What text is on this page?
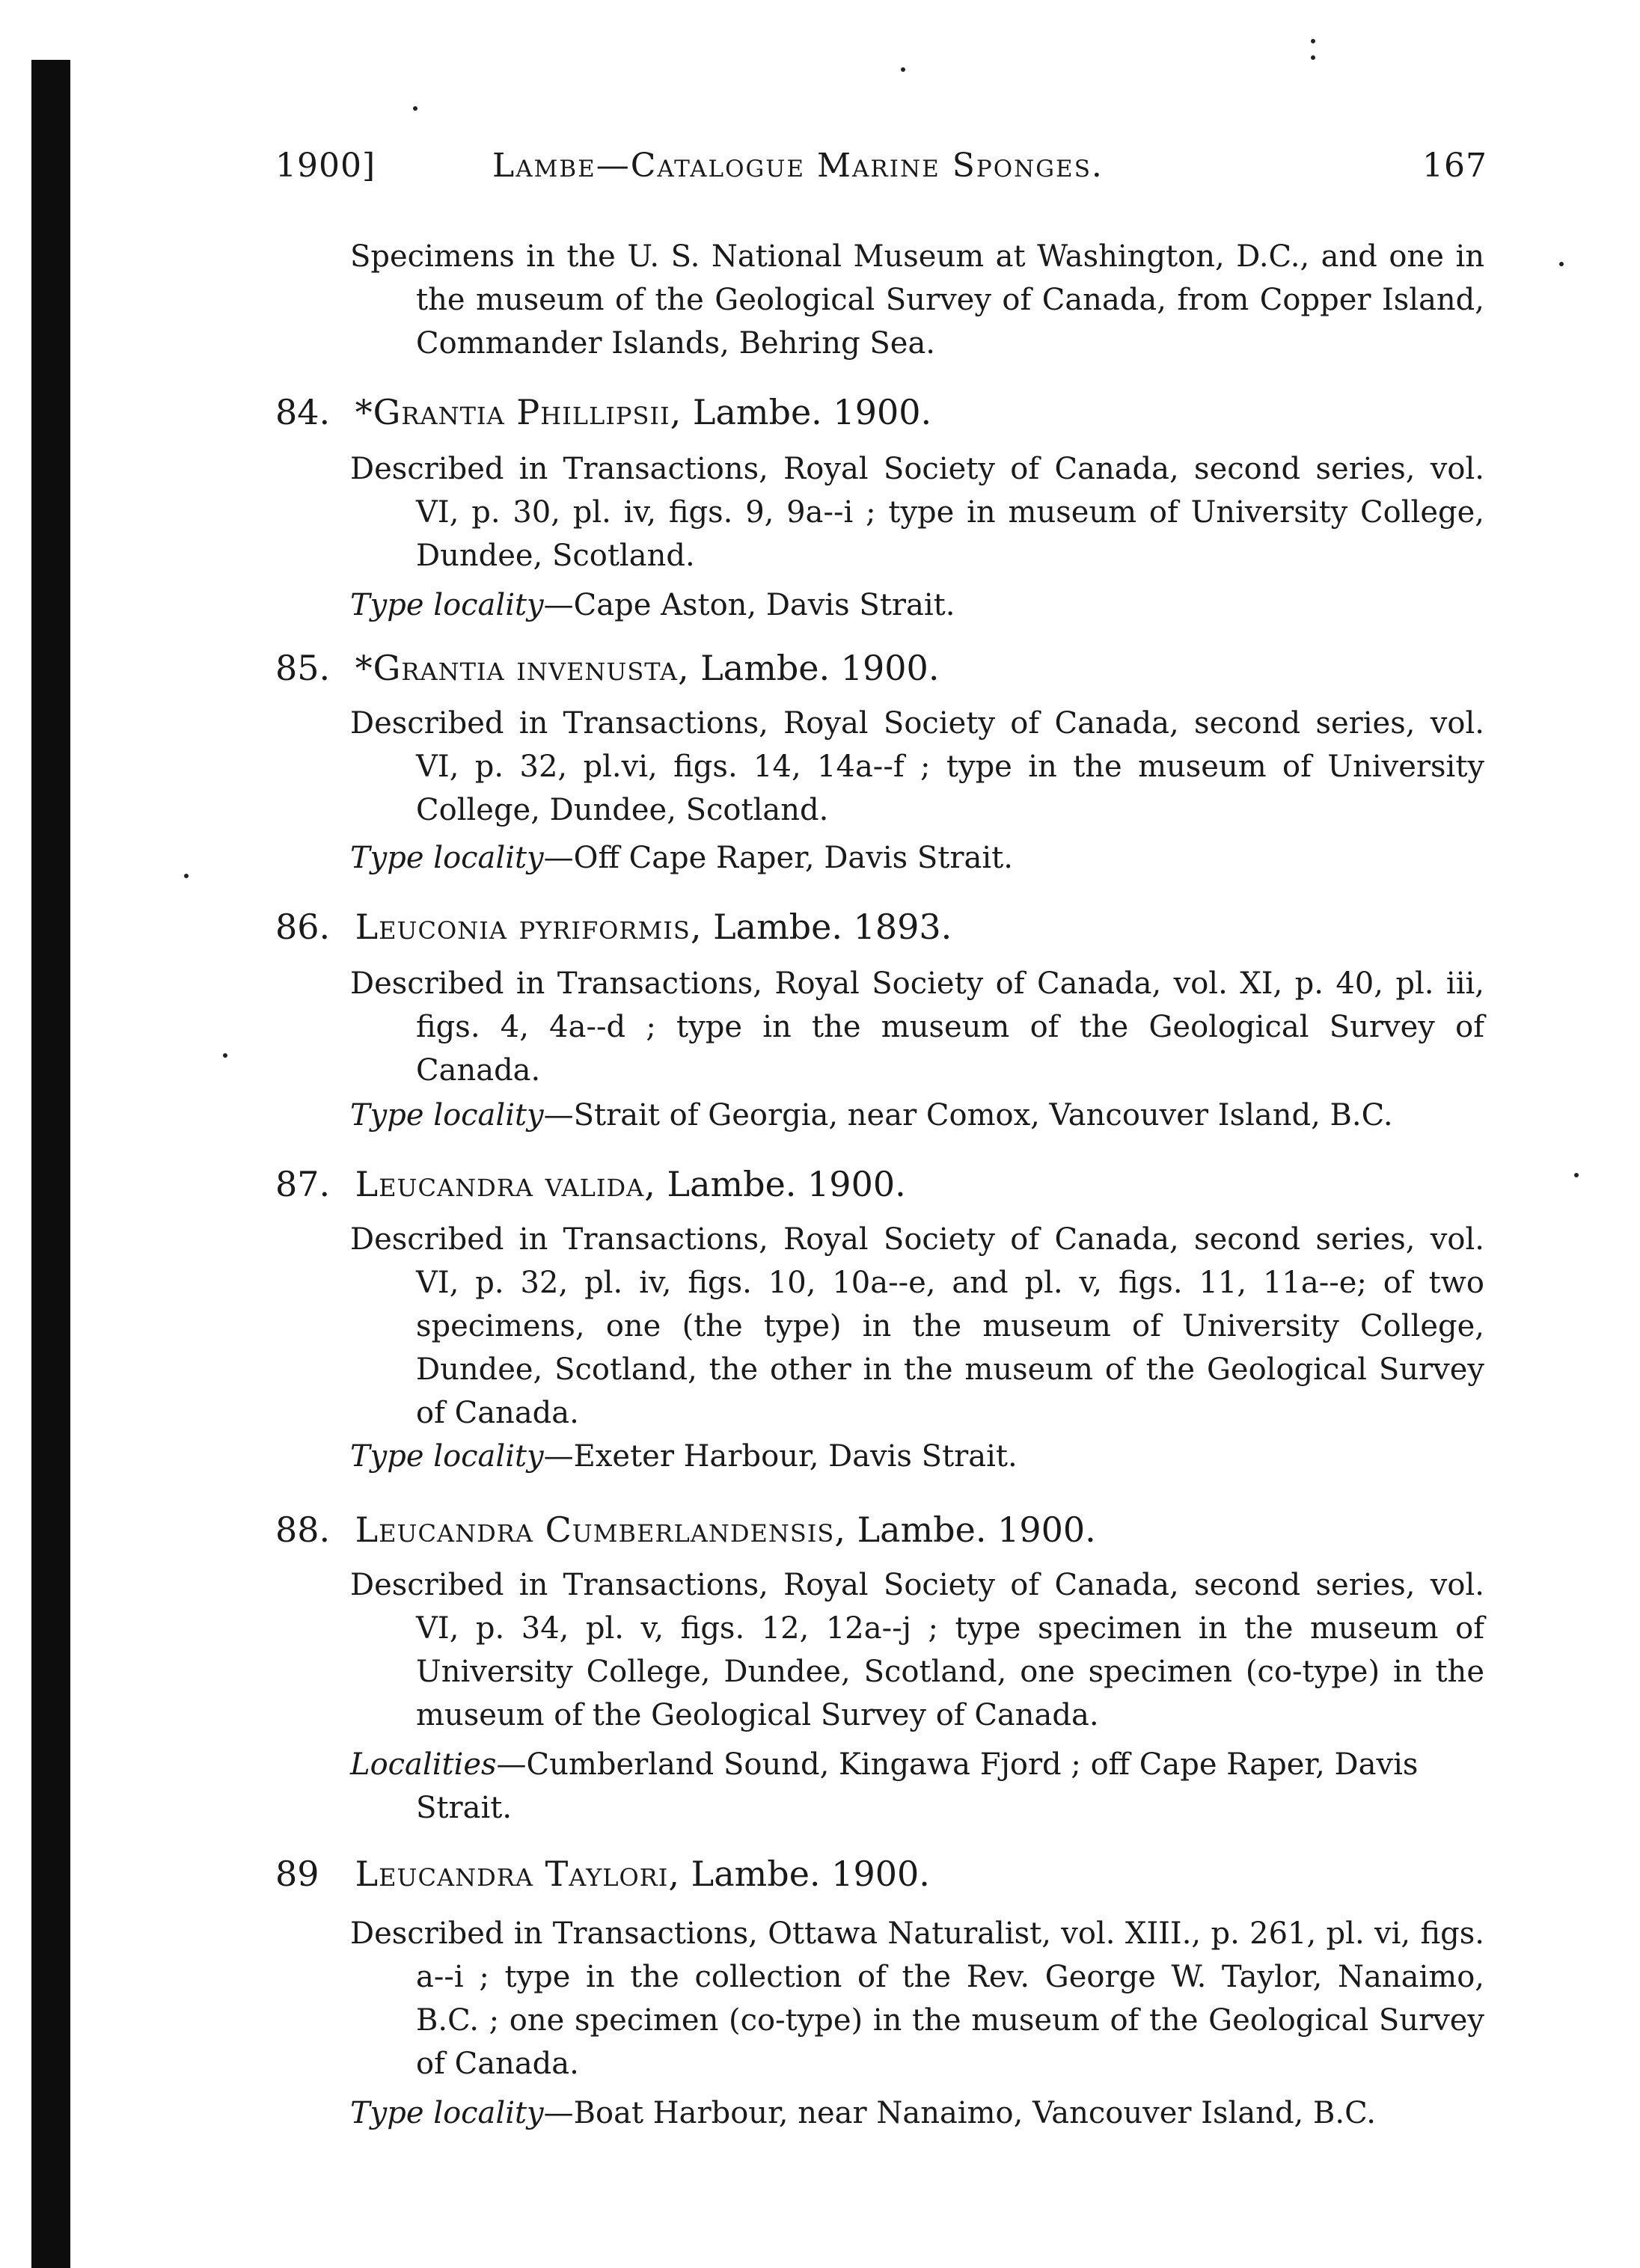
1900]	Lambe—Catalogue Marine Sponges.	167
Specimens in the U. S. National Museum at Washington, D.C., and one in the museum of the Geological Survey of Canada, from Copper Island, Commander Islands, Behring Sea.
84. *Grantia Phillipsii, Lambe. 1900.
Described in Transactions, Royal Society of Canada, second series, vol. VI, p. 30, pl. iv, figs. 9, 9a--i ; type in museum of University College, Dundee, Scotland.
Type locality—Cape Aston, Davis Strait.
85. *Grantia invenusta, Lambe. 1900.
Described in Transactions, Royal Society of Canada, second series, vol. VI, p. 32, pl.vi, figs. 14, 14a--f ; type in the museum of University College, Dundee, Scotland.
Type locality—Off Cape Raper, Davis Strait.
86. Leuconia pyriformis, Lambe. 1893.
Described in Transactions, Royal Society of Canada, vol. XI, p. 40, pl. iii, figs. 4, 4a--d ; type in the museum of the Geological Survey of Canada.
Type locality—Strait of Georgia, near Comox, Vancouver Island, B.C.
87. Leucandra valida, Lambe. 1900.
Described in Transactions, Royal Society of Canada, second series, vol. VI, p. 32, pl. iv, figs. 10, 10a--e, and pl. v, figs. 11, 11a--e; of two specimens, one (the type) in the museum of University College, Dundee, Scotland, the other in the museum of the Geological Survey of Canada.
Type locality—Exeter Harbour, Davis Strait.
88. Leucandra Cumberlandensis, Lambe. 1900.
Described in Transactions, Royal Society of Canada, second series, vol. VI, p. 34, pl. v, figs. 12, 12a--j ; type specimen in the museum of University College, Dundee, Scotland, one specimen (co-type) in the museum of the Geological Survey of Canada.
Localities—Cumberland Sound, Kingawa Fjord ; off Cape Raper, Davis Strait.
89 Leucandra Taylori, Lambe. 1900.
Described in Transactions, Ottawa Naturalist, vol. XIII., p. 261, pl. vi, figs. a--i ; type in the collection of the Rev. George W. Taylor, Nanaimo, B.C. ; one specimen (co-type) in the museum of the Geological Survey of Canada.
Type locality—Boat Harbour, near Nanaimo, Vancouver Island, B.C.
